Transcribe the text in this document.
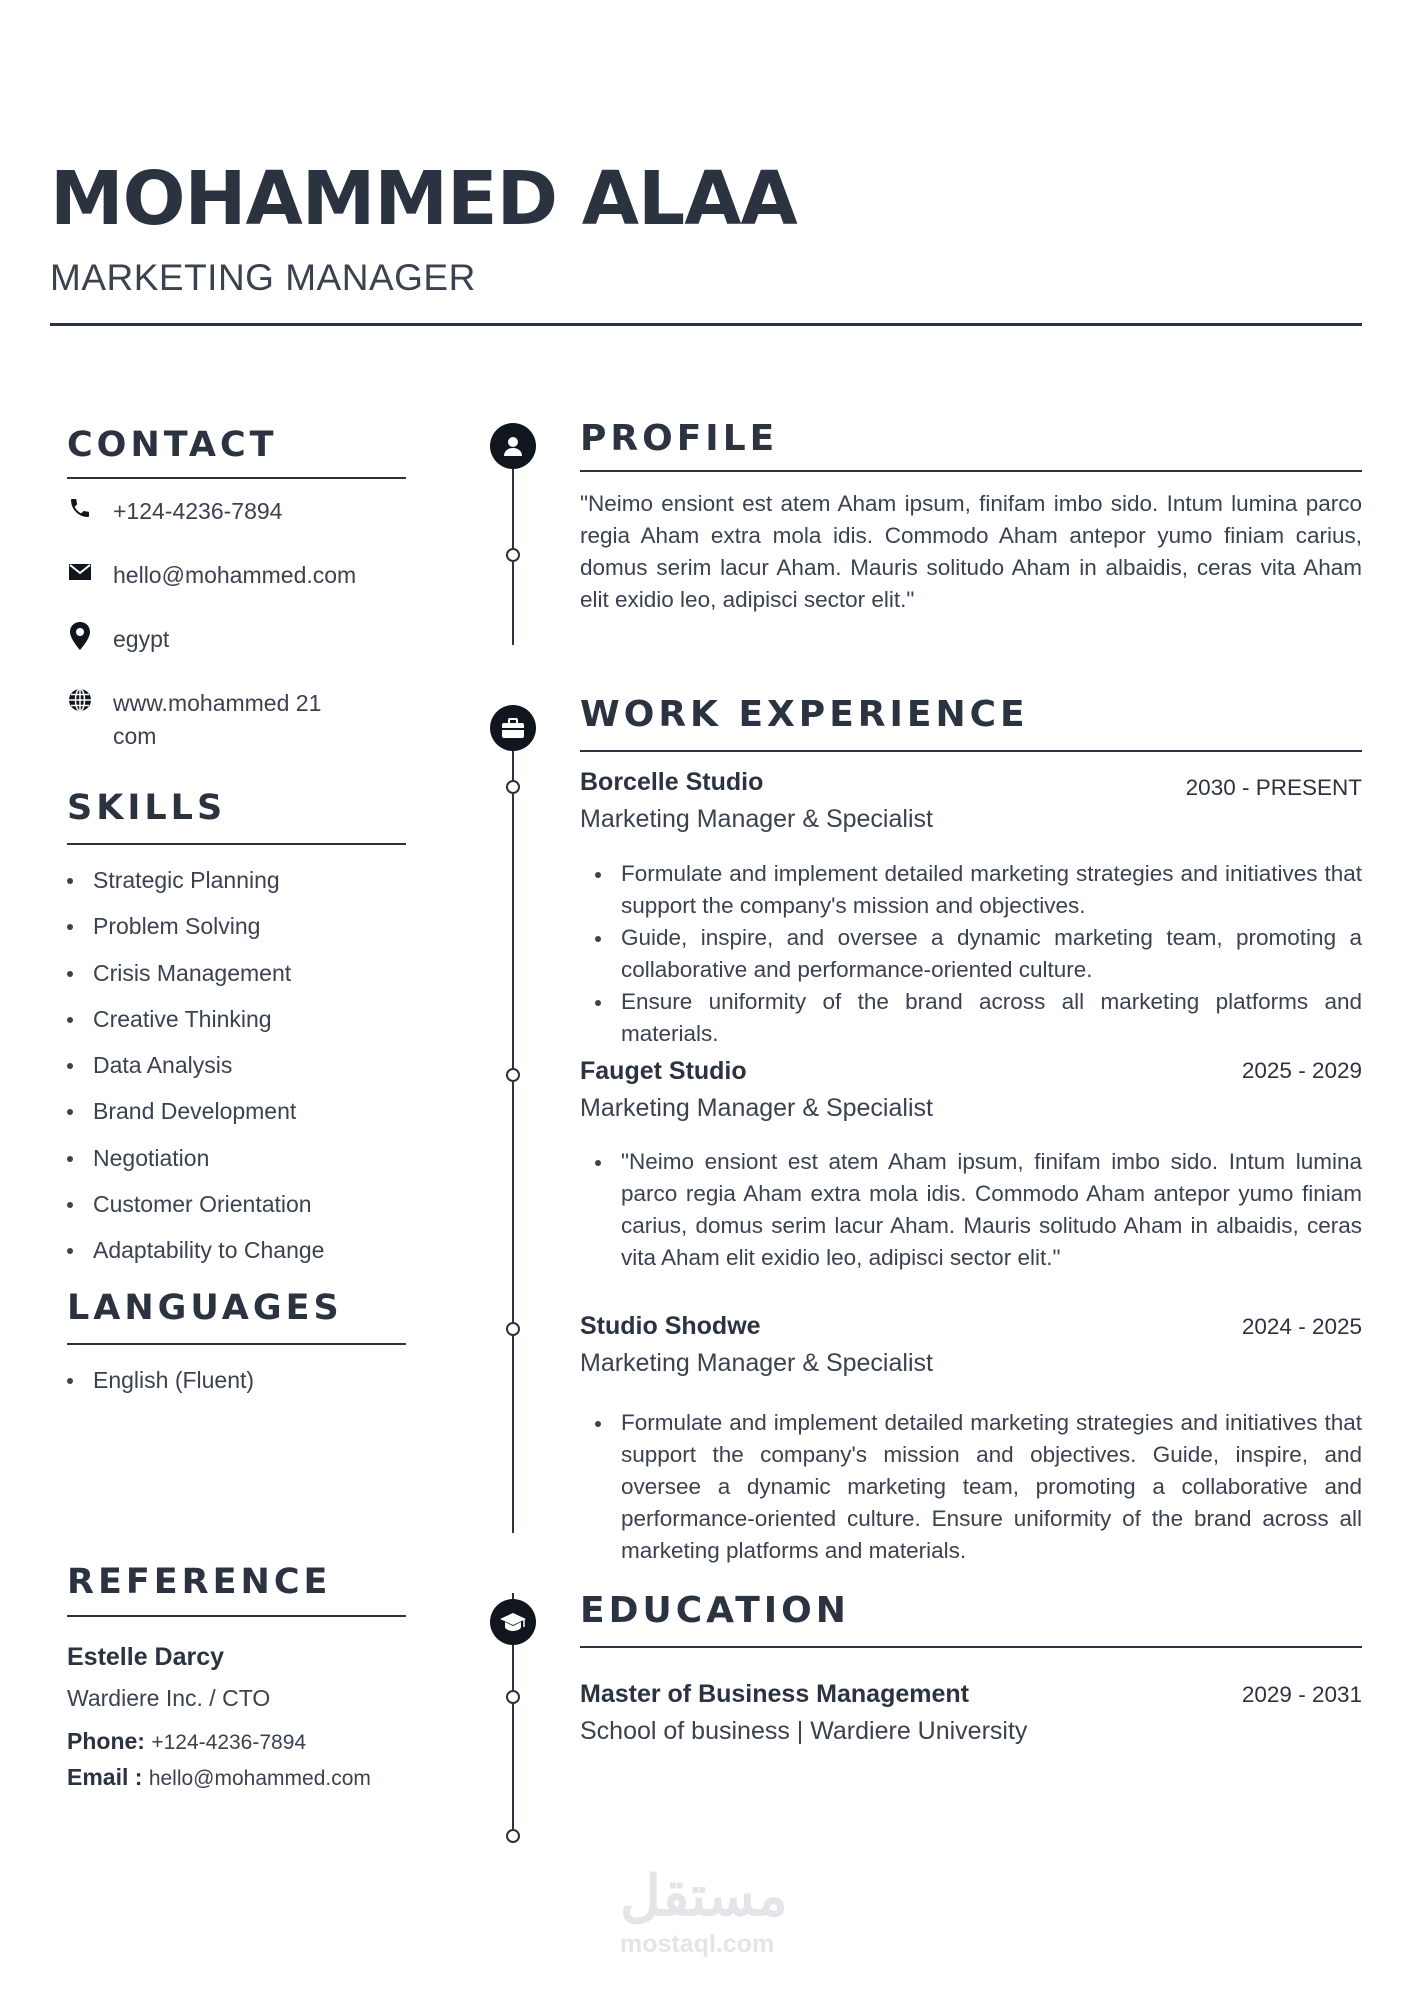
MOHAMMED ALAA
MARKETING MANAGER
CONTACT
+124-4236-7894
hello@mohammed.com
egypt
www.mohammed 21
com
SKILLS
Strategic Planning
Problem Solving
Crisis Management
Creative Thinking
Data Analysis
Brand Development
Negotiation
Customer Orientation
Adaptability to Change
LANGUAGES
English (Fluent)
REFERENCE
Estelle Darcy
Wardiere Inc. / CTO
Phone: +124-4236-7894
Email : hello@mohammed.com
PROFILE

"Neimo ensiont est atem Aham ipsum, finifam imbo sido. Intum lumina parco regia Aham extra mola idis. Commodo Aham antepor yumo finiam carius, domus serim lacur Aham. Mauris solitudo Aham in albaidis, ceras vita Aham elit exidio leo, adipisci sector elit."

WORK EXPERIENCE
Borcelle Studio	2030 - PRESENT
Marketing Manager & Specialist
Formulate and implement detailed marketing strategies and initiatives that support the company's mission and objectives.
Guide, inspire, and oversee a dynamic marketing team, promoting a collaborative and performance-oriented culture.
Ensure uniformity of the brand across all marketing platforms and materials.
Fauget Studio	2025 - 2029
Marketing Manager & Specialist
"Neimo ensiont est atem Aham ipsum, finifam imbo sido. Intum lumina parco regia Aham extra mola idis. Commodo Aham antepor yumo finiam carius, domus serim lacur Aham. Mauris solitudo Aham in albaidis, ceras vita Aham elit exidio leo, adipisci sector elit."
Studio Shodwe	2024 - 2025
Marketing Manager & Specialist
Formulate and implement detailed marketing strategies and initiatives that support the company's mission and objectives. Guide, inspire, and oversee a dynamic marketing team, promoting a collaborative and performance-oriented culture. Ensure uniformity of the brand across all marketing platforms and materials.
EDUCATION
Master of Business Management	2029 - 2031
School of business | Wardiere University
مستقل
mostaql.com
